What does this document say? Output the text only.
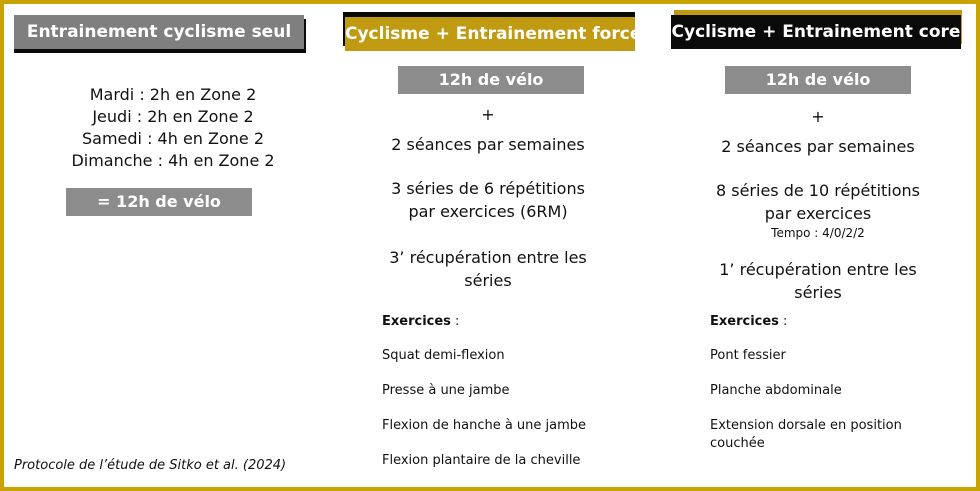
Entrainement cyclisme seul
Mardi : 2h en Zone 2
Jeudi : 2h en Zone 2
Samedi : 4h en Zone 2
Dimanche : 4h en Zone 2
= 12h de vélo
Cyclisme + Entrainement force
12h de vélo
+
2 séances par semaines
3 séries de 6 répétitions
par exercices (6RM)
3’ récupération entre les
séries
Exercices :
Squat demi-flexion
Presse à une jambe
Flexion de hanche à une jambe
Flexion plantaire de la cheville
Cyclisme + Entrainement core
12h de vélo
+
2 séances par semaines
8 séries de 10 répétitions
par exercices
Tempo : 4/0/2/2
1’ récupération entre les
séries
Exercices :
Pont fessier
Planche abdominale
Extension dorsale en position
couchée
Protocole de l’étude de Sitko et al. (2024)
